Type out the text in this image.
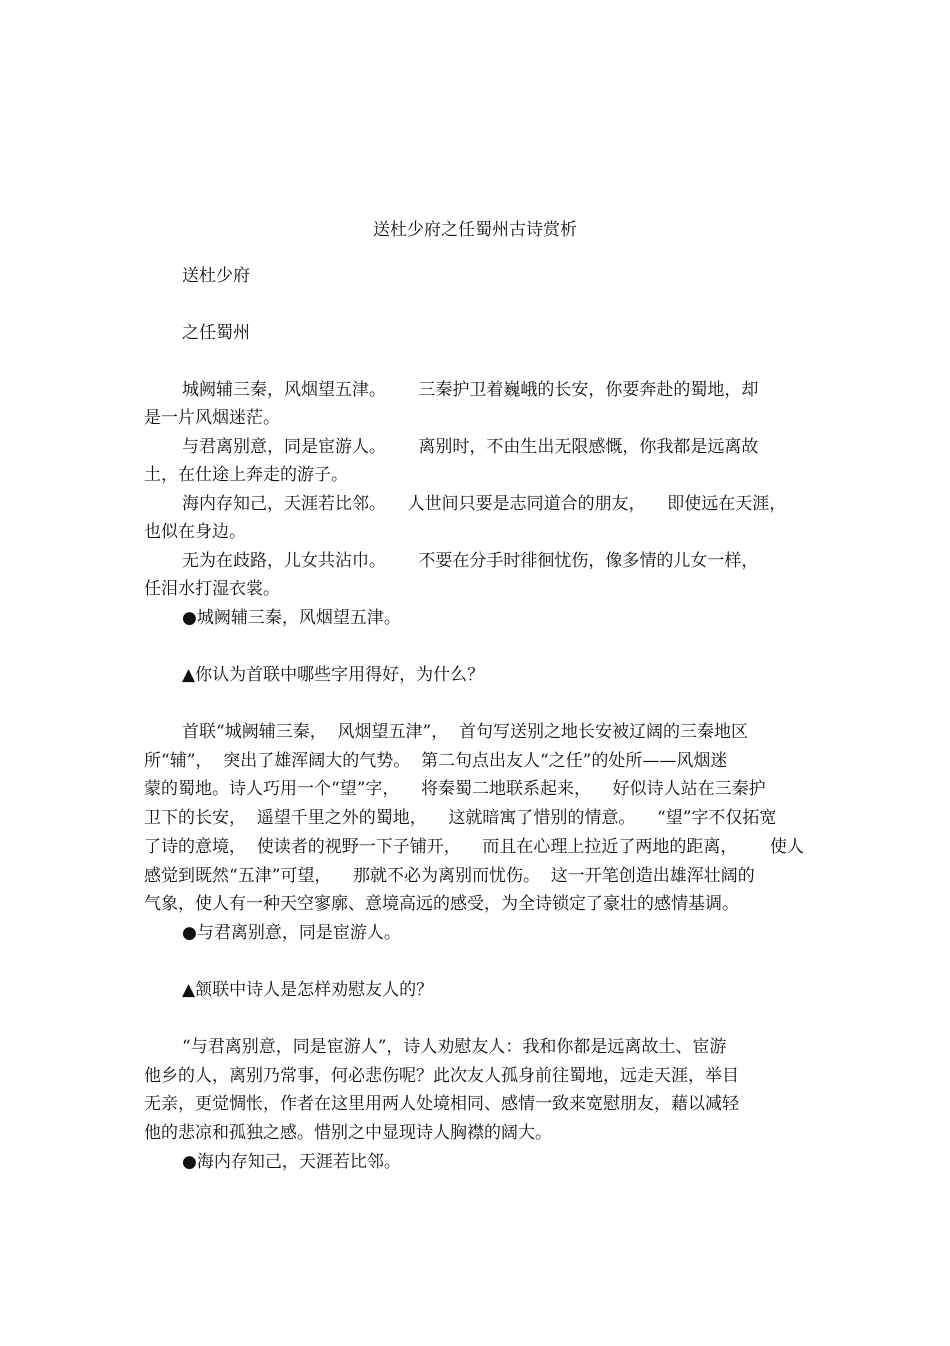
送杜少府之任蜀州古诗赏析
送杜少府
之任蜀州
城阙辅三秦，风烟望五津。      三秦护卫着巍峨的长安，你要奔赴的蜀地，却
是一片风烟迷茫。
与君离别意，同是宦游人。      离别时，不由生出无限感慨，你我都是远离故
土，在仕途上奔走的游子。
海内存知己，天涯若比邻。    人世间只要是志同道合的朋友，    即使远在天涯，
也似在身边。
无为在歧路，儿女共沾巾。      不要在分手时徘徊忧伤，像多情的儿女一样，
任泪水打湿衣裳。
●城阙辅三秦，风烟望五津。
▲你认为首联中哪些字用得好，为什么？
首联“城阙辅三秦，  风烟望五津”，  首句写送别之地长安被辽阔的三秦地区
所“辅”，  突出了雄浑阔大的气势。  第二句点出友人“之任”的处所——风烟迷
蒙的蜀地。诗人巧用一个“望”字，    将秦蜀二地联系起来，    好似诗人站在三秦护
卫下的长安，  遥望千里之外的蜀地，    这就暗寓了惜别的情意。    “望”字不仅拓宽
了诗的意境，  使读者的视野一下子铺开，    而且在心理上拉近了两地的距离，      使人
感觉到既然“五津”可望，    那就不必为离别而忧伤。  这一开笔创造出雄浑壮阔的
气象，使人有一种天空寥廓、意境高远的感受，为全诗锁定了豪壮的感情基调。
●与君离别意，同是宦游人。
▲颔联中诗人是怎样劝慰友人的？
“与君离别意，同是宦游人”，诗人劝慰友人：我和你都是远离故土、宦游
他乡的人，离别乃常事，何必悲伤呢？此次友人孤身前往蜀地，远走天涯，举目
无亲，更觉惆怅，作者在这里用两人处境相同、感情一致来宽慰朋友，藉以减轻
他的悲凉和孤独之感。惜别之中显现诗人胸襟的阔大。
●海内存知己，天涯若比邻。
